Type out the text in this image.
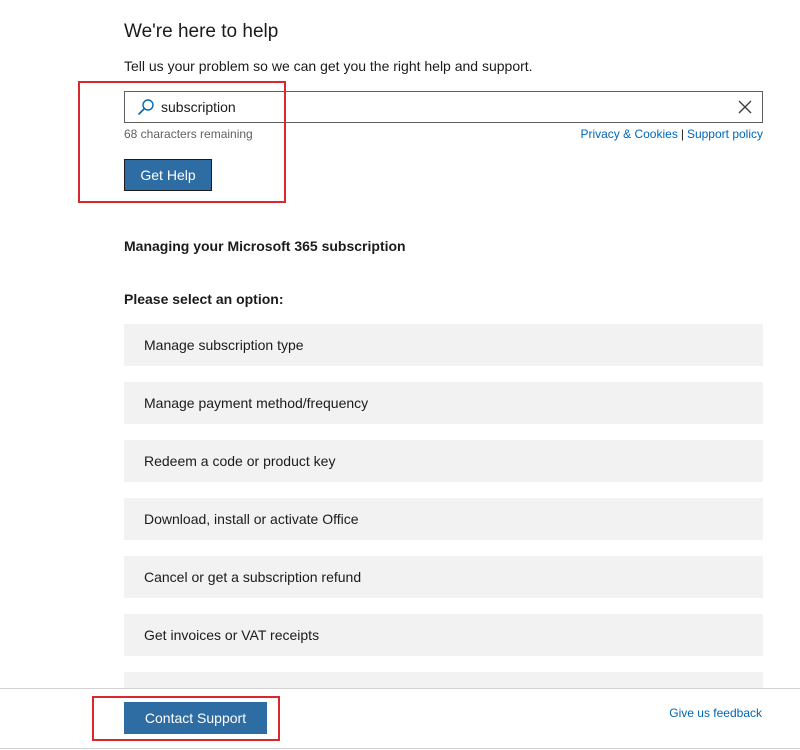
We're here to help
Tell us your problem so we can get you the right help and support.
subscription
68 characters remaining	Privacy & Cookies | Support policy
Get Help
Managing your Microsoft 365 subscription
Please select an option:
Manage subscription type
Manage payment method/frequency
Redeem a code or product key
Download, install or activate Office
Cancel or get a subscription refund
Get invoices or VAT receipts
Contact Support	Give us feedback
